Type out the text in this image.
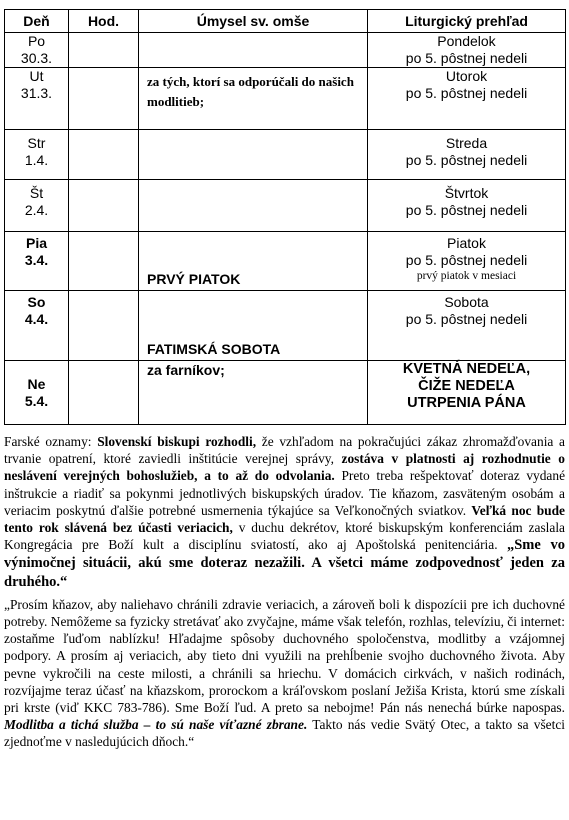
Deň	Hod.	Úmysel sv. omše	Liturgický prehľad
Po
30.3.			Pondelok
po 5. pôstnej nedeli
Ut
31.3.		za tých, ktorí sa odporúčali do našich modlitieb;	Utorok
po 5. pôstnej nedeli
Str
1.4.			Streda
po 5. pôstnej nedeli
Št
2.4.			Štvrtok
po 5. pôstnej nedeli
Pia
3.4.		PRVÝ PIATOK	Piatok
po 5. pôstnej nedeli
prvý piatok v mesiaci

So
4.4.		FATIMSKÁ SOBOTA	Sobota
po 5. pôstnej nedeli
Ne
5.4.		za farníkov;	KVETNÁ NEDEĽA,
ČIŽE NEDEĽA
UTRPENIA PÁNA

Farské oznamy: Slovenskí biskupi rozhodli, že vzhľadom na pokračujúci zákaz zhromažďovania a trvanie opatrení, ktoré zaviedli inštitúcie verejnej správy, zostáva v platnosti aj rozhodnutie o neslávení verejných bohoslužieb, a to až do odvolania. Preto treba rešpektovať doteraz vydané inštrukcie a riadiť sa pokynmi jednotlivých biskupských úradov. Tie kňazom, zasväteným osobám a veriacim poskytnú ďalšie potrebné usmernenia týkajúce sa Veľkonočných sviatkov. Veľká noc bude tento rok slávená bez účasti veriacich, v duchu dekrétov, ktoré biskupským konferenciám zaslala Kongregácia pre Boží kult a disciplínu sviatostí, ako aj Apoštolská penitenciária. „Sme vo výnimočnej situácii, akú sme doteraz nezažili. A všetci máme zodpovednosť jeden za druhého.“

„Prosím kňazov, aby naliehavo chránili zdravie veriacich, a zároveň boli k dispozícii pre ich duchovné potreby. Nemôžeme sa fyzicky stretávať ako zvyčajne, máme však telefón, rozhlas, televíziu, či internet: zostaňme ľuďom nablízku! Hľadajme spôsoby duchovného spoločenstva, modlitby a vzájomnej podpory. A prosím aj veriacich, aby tieto dni využili na prehĺbenie svojho duchovného života. Aby pevne vykročili na ceste milosti, a chránili sa hriechu. V domácich cirkvách, v našich rodinách, rozvíjajme teraz účasť na kňazskom, prorockom a kráľovskom poslaní Ježiša Krista, ktorú sme získali pri krste (viď KKC 783-786). Sme Boží ľud. A preto sa nebojme! Pán nás nenechá búrke napospas. Modlitba a tichá služba – to sú naše víťazné zbrane. Takto nás vedie Svätý Otec, a takto sa všetci zjednoťme v nasledujúcich dňoch.“
